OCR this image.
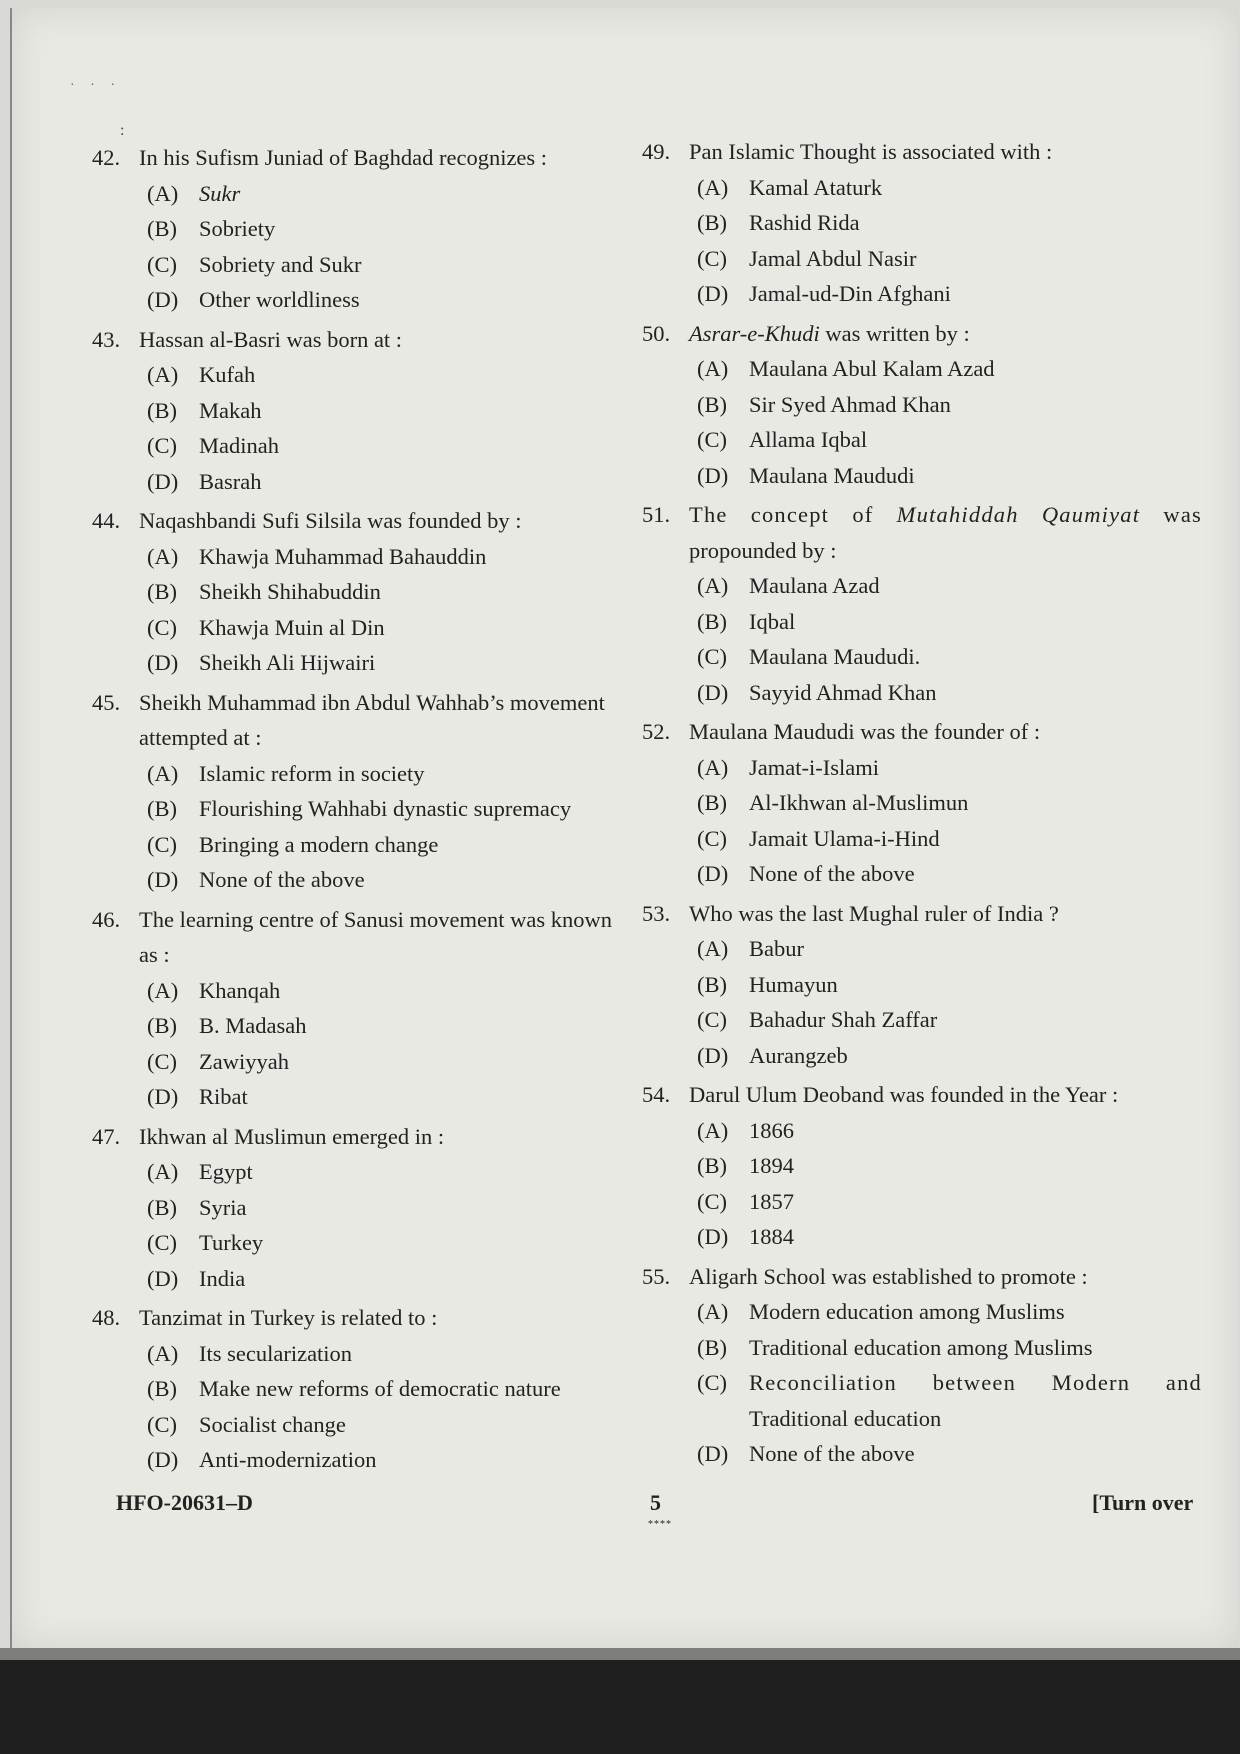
· · ·
:
42. In his Sufism Juniad of Baghdad recognizes :
(A) Sukr
(B) Sobriety
(C) Sobriety and Sukr
(D) Other worldliness
43. Hassan al-Basri was born at :
(A) Kufah
(B) Makah
(C) Madinah
(D) Basrah
44. Naqashbandi Sufi Silsila was founded by :
(A) Khawja Muhammad Bahauddin
(B) Sheikh Shihabuddin
(C) Khawja Muin al Din
(D) Sheikh Ali Hijwairi
45. Sheikh Muhammad ibn Abdul Wahhab’s movement
attempted at :
(A) Islamic reform in society
(B) Flourishing Wahhabi dynastic supremacy
(C) Bringing a modern change
(D) None of the above
46. The learning centre of Sanusi movement was known
as :
(A) Khanqah
(B) B. Madasah
(C) Zawiyyah
(D) Ribat
47. Ikhwan al Muslimun emerged in :
(A) Egypt
(B) Syria
(C) Turkey
(D) India
48. Tanzimat in Turkey is related to :
(A) Its secularization
(B) Make new reforms of democratic nature
(C) Socialist change
(D) Anti-modernization
49. Pan Islamic Thought is associated with :
(A) Kamal Ataturk
(B) Rashid Rida
(C) Jamal Abdul Nasir
(D) Jamal-ud-Din Afghani
50. Asrar-e-Khudi was written by :
(A) Maulana Abul Kalam Azad
(B) Sir Syed Ahmad Khan
(C) Allama Iqbal
(D) Maulana Maududi
51. The concept of Mutahiddah Qaumiyat was
propounded by :
(A) Maulana Azad
(B) Iqbal
(C) Maulana Maududi.
(D) Sayyid Ahmad Khan
52. Maulana Maududi was the founder of :
(A) Jamat-i-Islami
(B) Al-Ikhwan al-Muslimun
(C) Jamait Ulama-i-Hind
(D) None of the above
53. Who was the last Mughal ruler of India ?
(A) Babur
(B) Humayun
(C) Bahadur Shah Zaffar
(D) Aurangzeb
54. Darul Ulum Deoband was founded in the Year :
(A) 1866
(B) 1894
(C) 1857
(D) 1884
55. Aligarh School was established to promote :
(A) Modern education among Muslims
(B) Traditional education among Muslims
(C) Reconciliation between Modern and
Traditional education
(D) None of the above
HFO-20631–D	5
****
[Turn over
